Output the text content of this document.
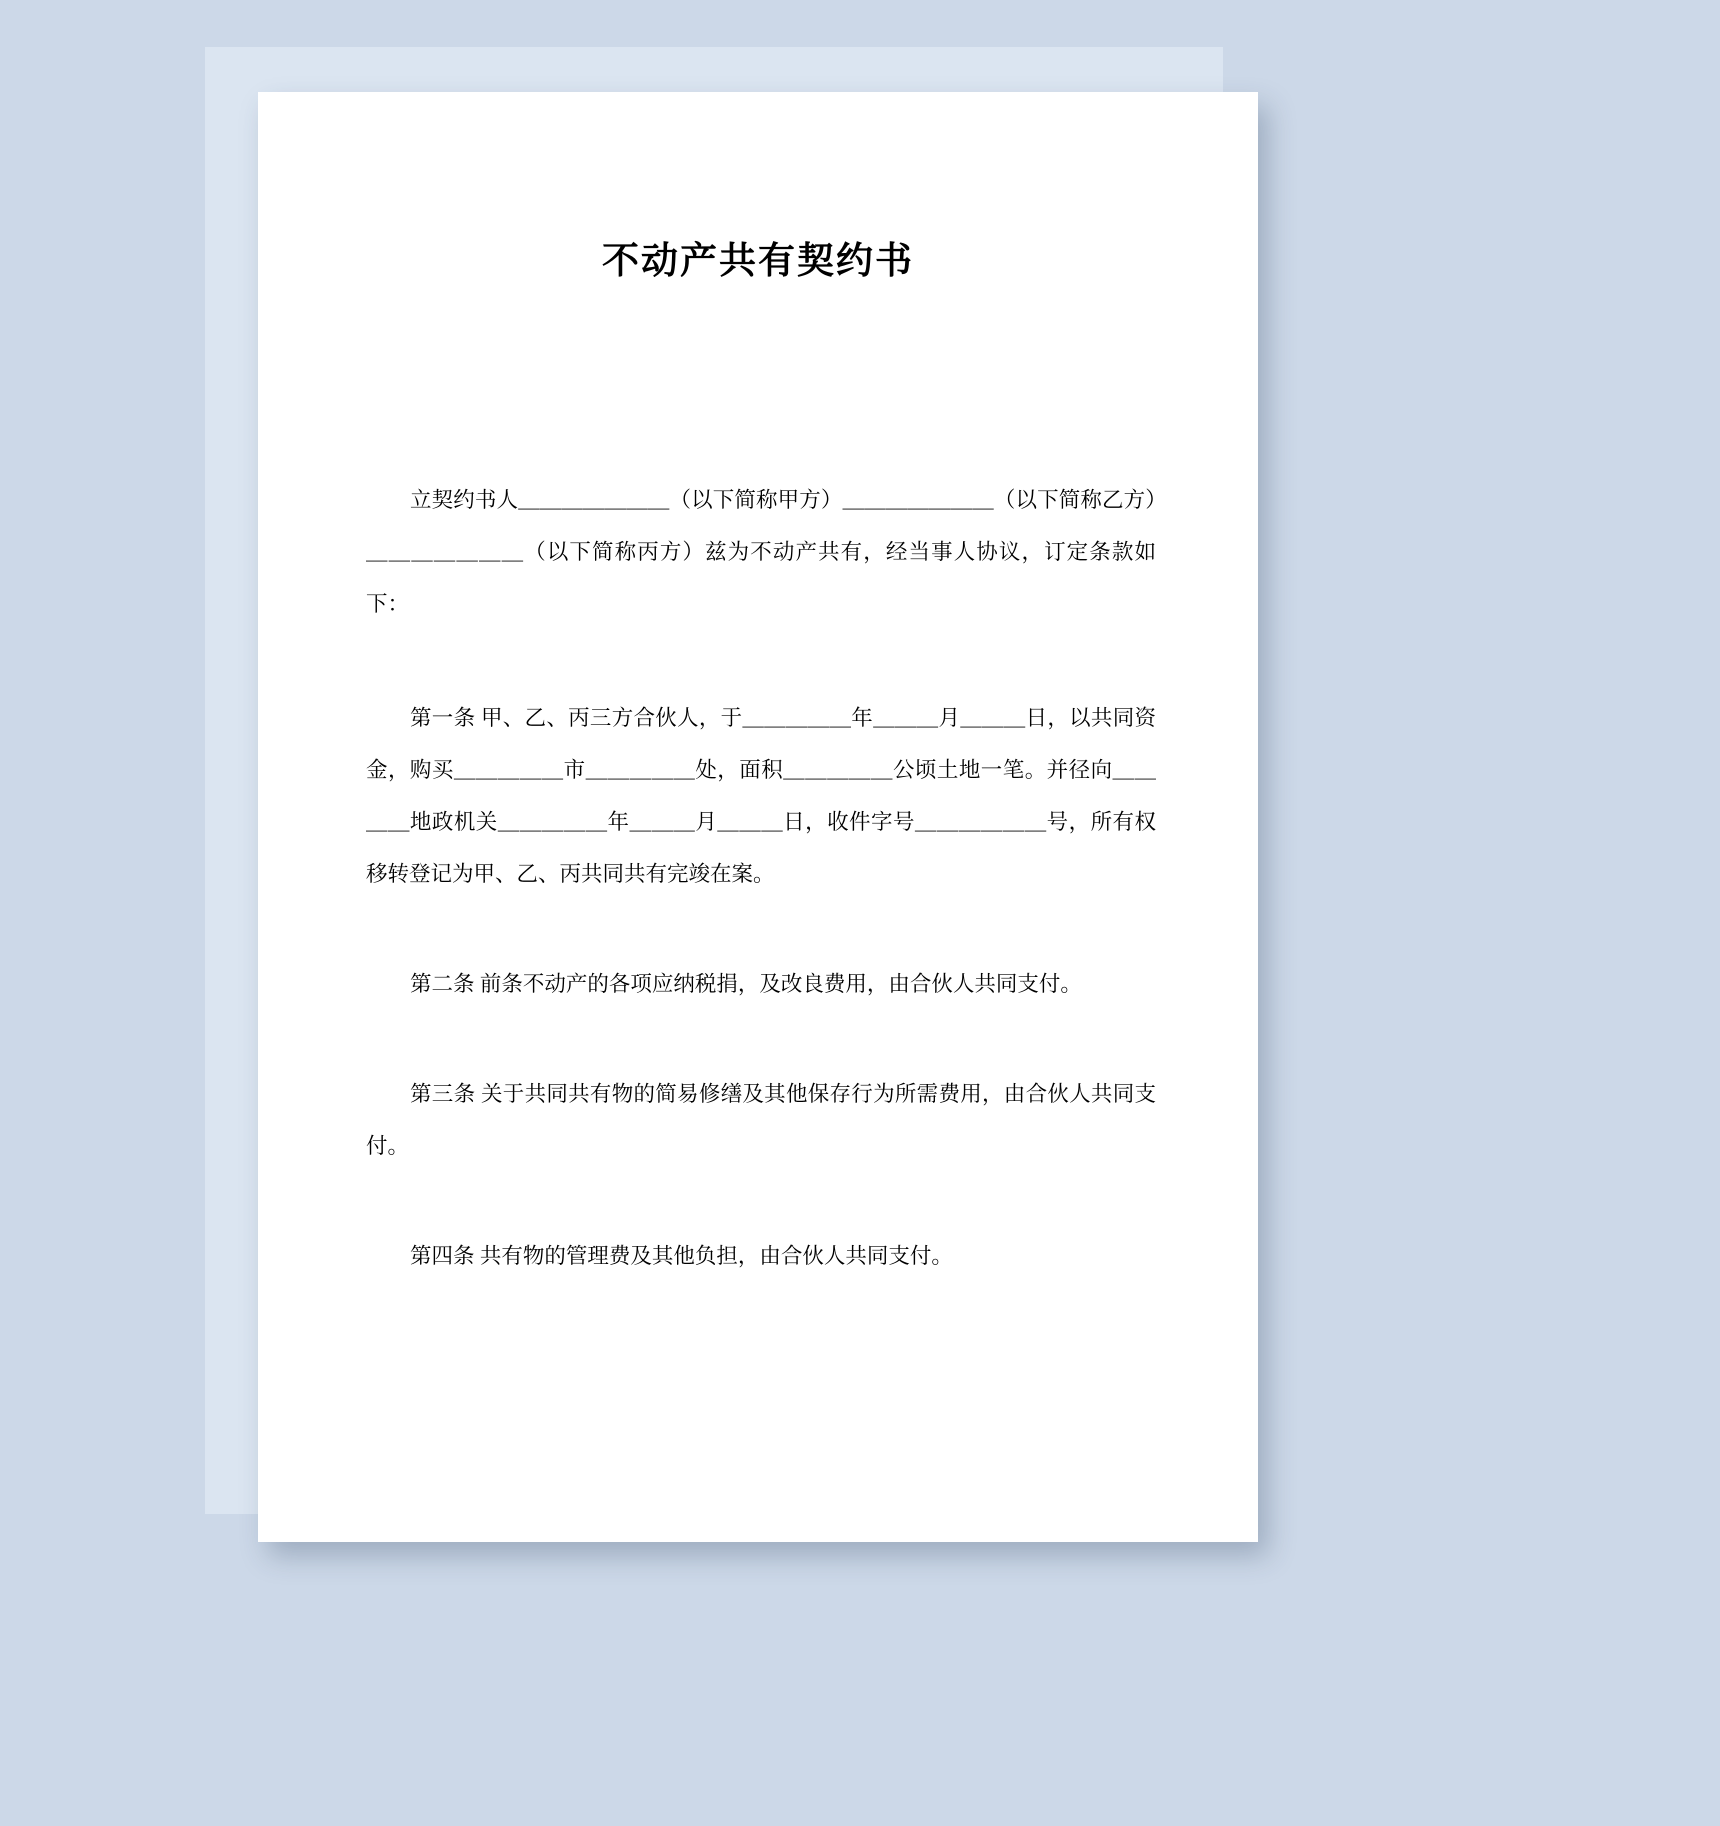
不动产共有契约书

立契约书人＿＿＿＿＿＿＿（以下简称甲方）＿＿＿＿＿＿＿（以下简称乙方）＿＿＿＿＿＿＿（以下简称丙方）兹为不动产共有，经当事人协议，订定条款如下：

第一条 甲、乙、丙三方合伙人，于＿＿＿＿＿年＿＿＿月＿＿＿日，以共同资金，购买＿＿＿＿＿市＿＿＿＿＿处，面积＿＿＿＿＿公顷土地一笔。并径向＿＿＿＿地政机关＿＿＿＿＿年＿＿＿月＿＿＿日，收件字号＿＿＿＿＿＿号，所有权移转登记为甲、乙、丙共同共有完竣在案。

第二条 前条不动产的各项应纳税捐，及改良费用，由合伙人共同支付。

第三条 关于共同共有物的简易修缮及其他保存行为所需费用，由合伙人共同支付。

第四条 共有物的管理费及其他负担，由合伙人共同支付。
